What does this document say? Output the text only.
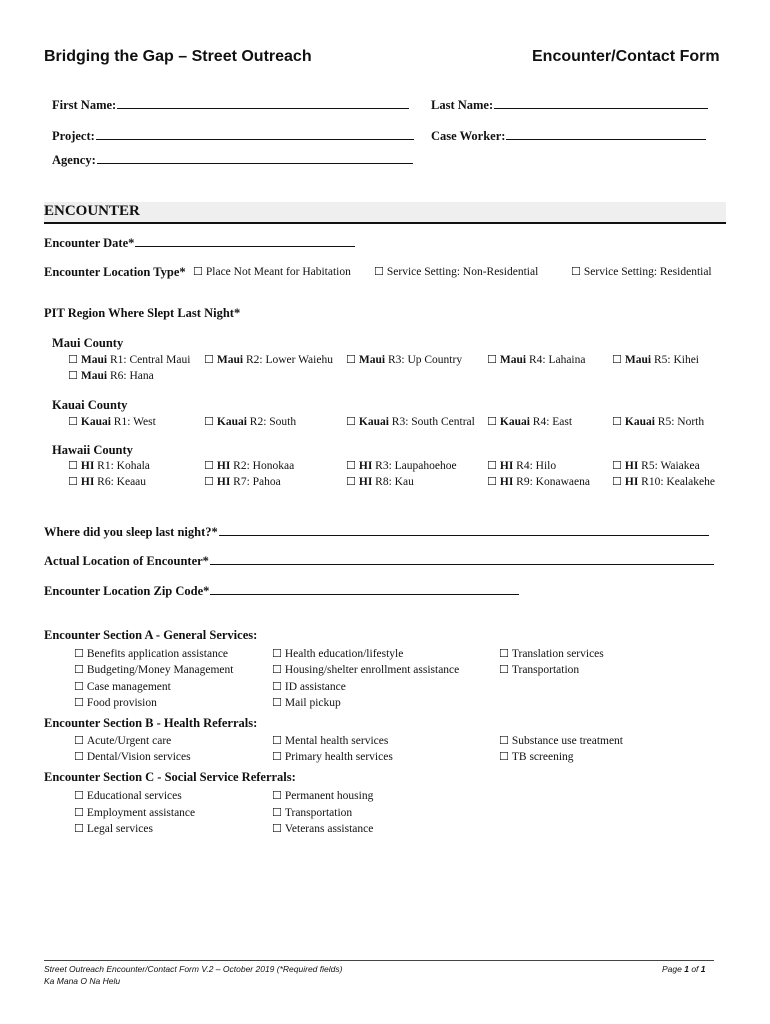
Bridging the Gap – Street Outreach	Encounter/Contact Form
First Name:	Last Name:
Project:	Case Worker:
Agency:
ENCOUNTER
Encounter Date*
Encounter Location Type* ☐ Place Not Meant for Habitation ☐ Service Setting: Non-Residential	☐ Service Setting: Residential
PIT Region Where Slept Last Night*
Maui County
☐ Maui R1: Central Maui ☐ Maui R2: Lower Waiehu ☐ Maui R3: Up Country ☐ Maui R4: Lahaina ☐ Maui R5: Kihei
☐ Maui R6: Hana
Kauai County
☐ Kauai R1: West	☐ Kauai R2: South	☐ Kauai R3: South Central ☐ Kauai R4: East	☐ Kauai R5: North
Hawaii County
☐ HI R1: Kohala	☐ HI R2: Honokaa	☐ HI R3: Laupahoehoe	☐ HI R4: Hilo	☐ HI R5: Waiakea
☐ HI R6: Keaau	☐ HI R7: Pahoa	☐ HI R8: Kau	☐ HI R9: Konawaena ☐ HI R10: Kealakehe
Where did you sleep last night?*
Actual Location of Encounter*
Encounter Location Zip Code*
Encounter Section A - General Services:
☐ Benefits application assistance	☐ Health education/lifestyle	☐ Translation services
☐ Budgeting/Money Management	☐ Housing/shelter enrollment assistance	☐ Transportation
☐ Case management	☐ ID assistance
☐ Food provision	☐ Mail pickup
Encounter Section B - Health Referrals:
☐ Acute/Urgent care	☐ Mental health services	☐ Substance use treatment
☐ Dental/Vision services	☐ Primary health services	☐ TB screening
Encounter Section C - Social Service Referrals:
☐ Educational services	☐ Permanent housing
☐ Employment assistance	☐ Transportation
☐ Legal services	☐ Veterans assistance
Street Outreach Encounter/Contact Form V.2 – October 2019 (*Required fields)
Ka Mana O Na Helu
Page 1 of 1
